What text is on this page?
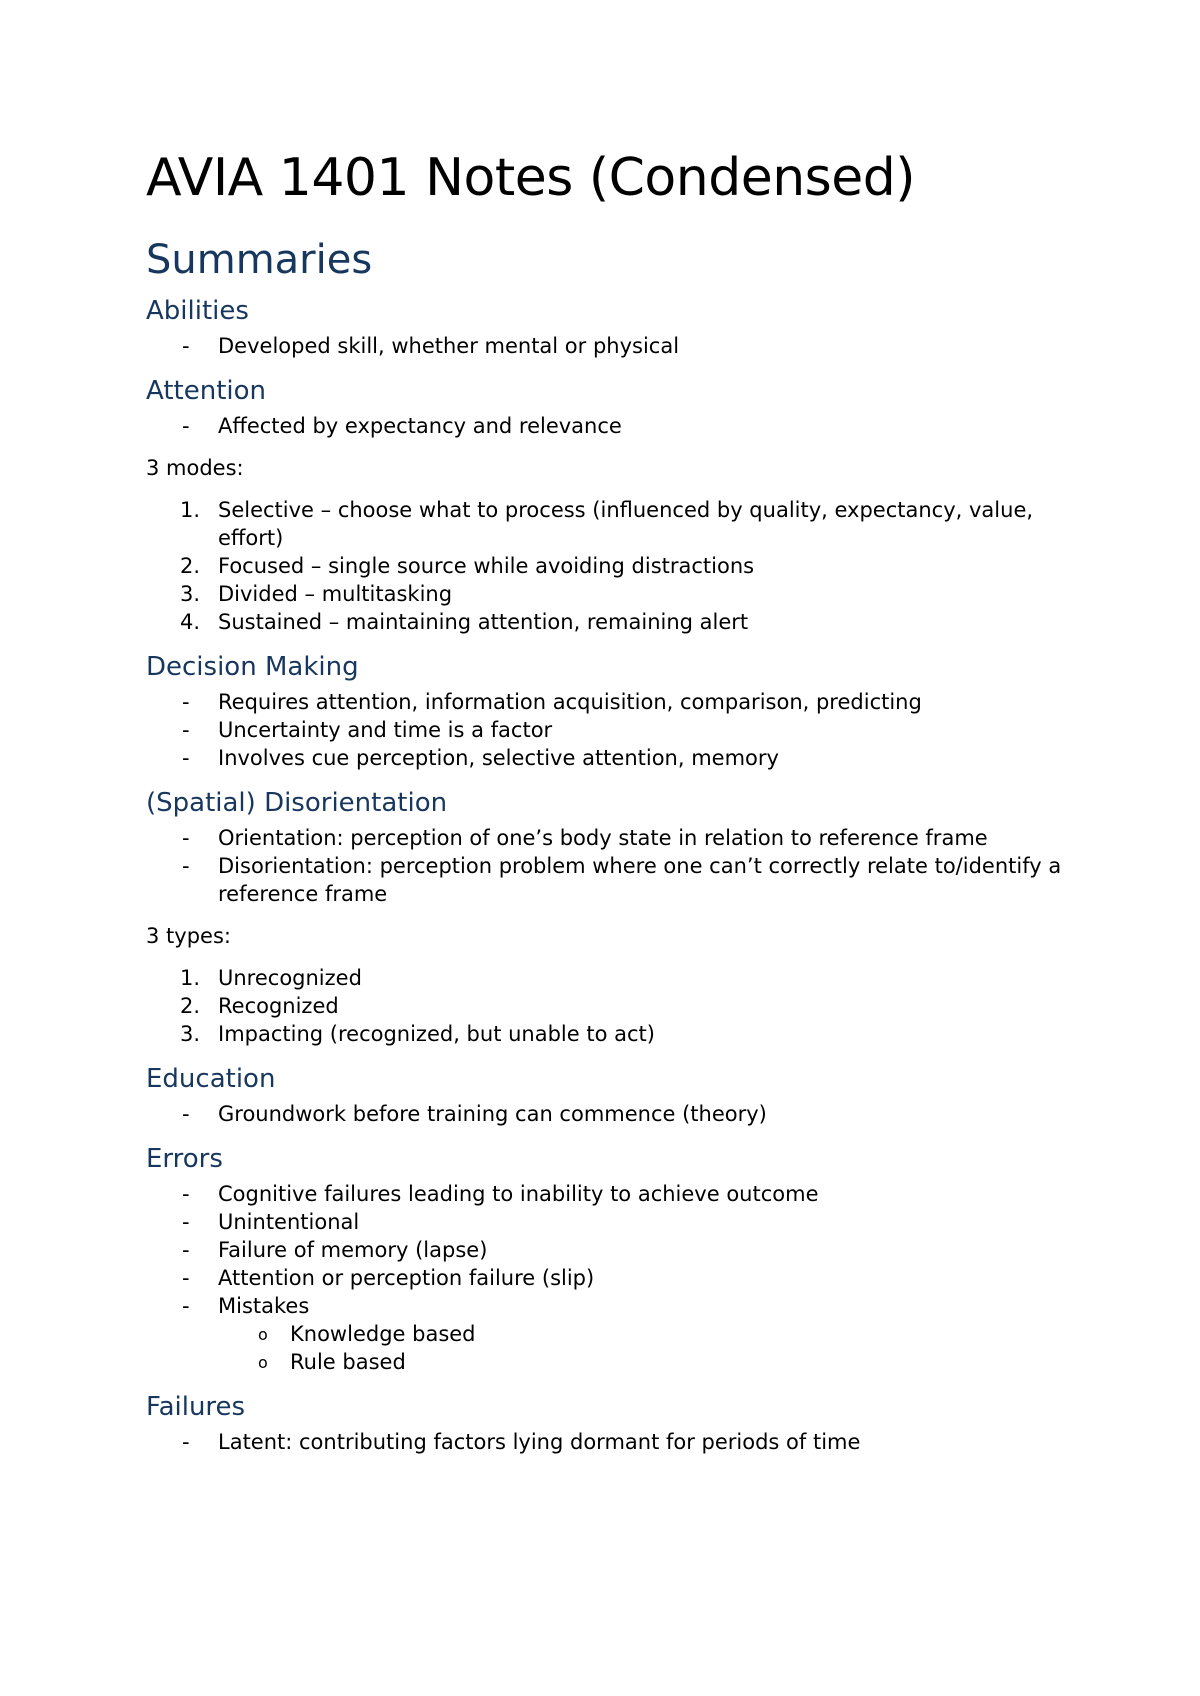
AVIA 1401 Notes (Condensed)
Summaries
Abilities
- Developed skill, whether mental or physical
Attention
- Affected by expectancy and relevance

3 modes:

1. Selective – choose what to process (influenced by quality, expectancy, value, effort)
2. Focused – single source while avoiding distractions
3. Divided – multitasking
4. Sustained – maintaining attention, remaining alert
Decision Making
- Requires attention, information acquisition, comparison, predicting
- Uncertainty and time is a factor
- Involves cue perception, selective attention, memory
(Spatial) Disorientation
- Orientation: perception of one’s body state in relation to reference frame
- Disorientation: perception problem where one can’t correctly relate to/identify a reference frame

3 types:

1. Unrecognized
2. Recognized
3. Impacting (recognized, but unable to act)
Education
- Groundwork before training can commence (theory)
Errors
- Cognitive failures leading to inability to achieve outcome
- Unintentional
- Failure of memory (lapse)
- Attention or perception failure (slip)
- Mistakes
o Knowledge based
o Rule based
Failures
- Latent: contributing factors lying dormant for periods of time
